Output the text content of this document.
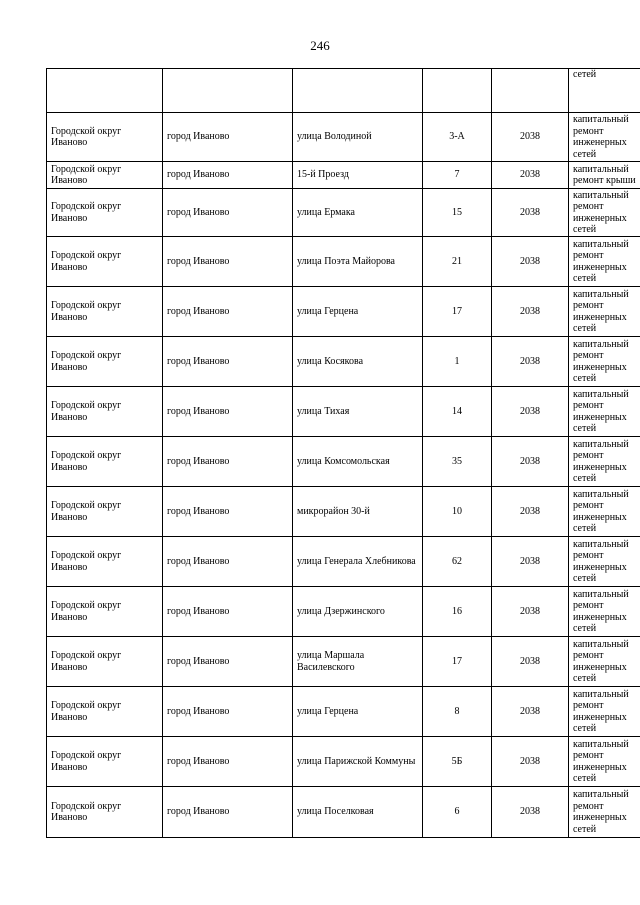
246
					сетей
Городской округ Иваново	город Иваново	улица Володиной	3-А	2038	капитальный ремонт инженерных сетей
Городской округ Иваново	город Иваново	15-й Проезд	7	2038	капитальный ремонт крыши
Городской округ Иваново	город Иваново	улица Ермака	15	2038	капитальный ремонт инженерных сетей
Городской округ Иваново	город Иваново	улица Поэта Майорова	21	2038	капитальный ремонт инженерных сетей
Городской округ Иваново	город Иваново	улица Герцена	17	2038	капитальный ремонт инженерных сетей
Городской округ Иваново	город Иваново	улица Косякова	1	2038	капитальный ремонт инженерных сетей
Городской округ Иваново	город Иваново	улица Тихая	14	2038	капитальный ремонт инженерных сетей
Городской округ Иваново	город Иваново	улица Комсомольская	35	2038	капитальный ремонт инженерных сетей
Городской округ Иваново	город Иваново	микрорайон 30-й	10	2038	капитальный ремонт инженерных сетей
Городской округ Иваново	город Иваново	улица Генерала Хлебникова	62	2038	капитальный ремонт инженерных сетей
Городской округ Иваново	город Иваново	улица Дзержинского	16	2038	капитальный ремонт инженерных сетей
Городской округ Иваново	город Иваново	улица Маршала Василевского	17	2038	капитальный ремонт инженерных сетей
Городской округ Иваново	город Иваново	улица Герцена	8	2038	капитальный ремонт инженерных сетей
Городской округ Иваново	город Иваново	улица Парижской Коммуны	5Б	2038	капитальный ремонт инженерных сетей
Городской округ Иваново	город Иваново	улица Поселковая	6	2038	капитальный ремонт инженерных сетей
